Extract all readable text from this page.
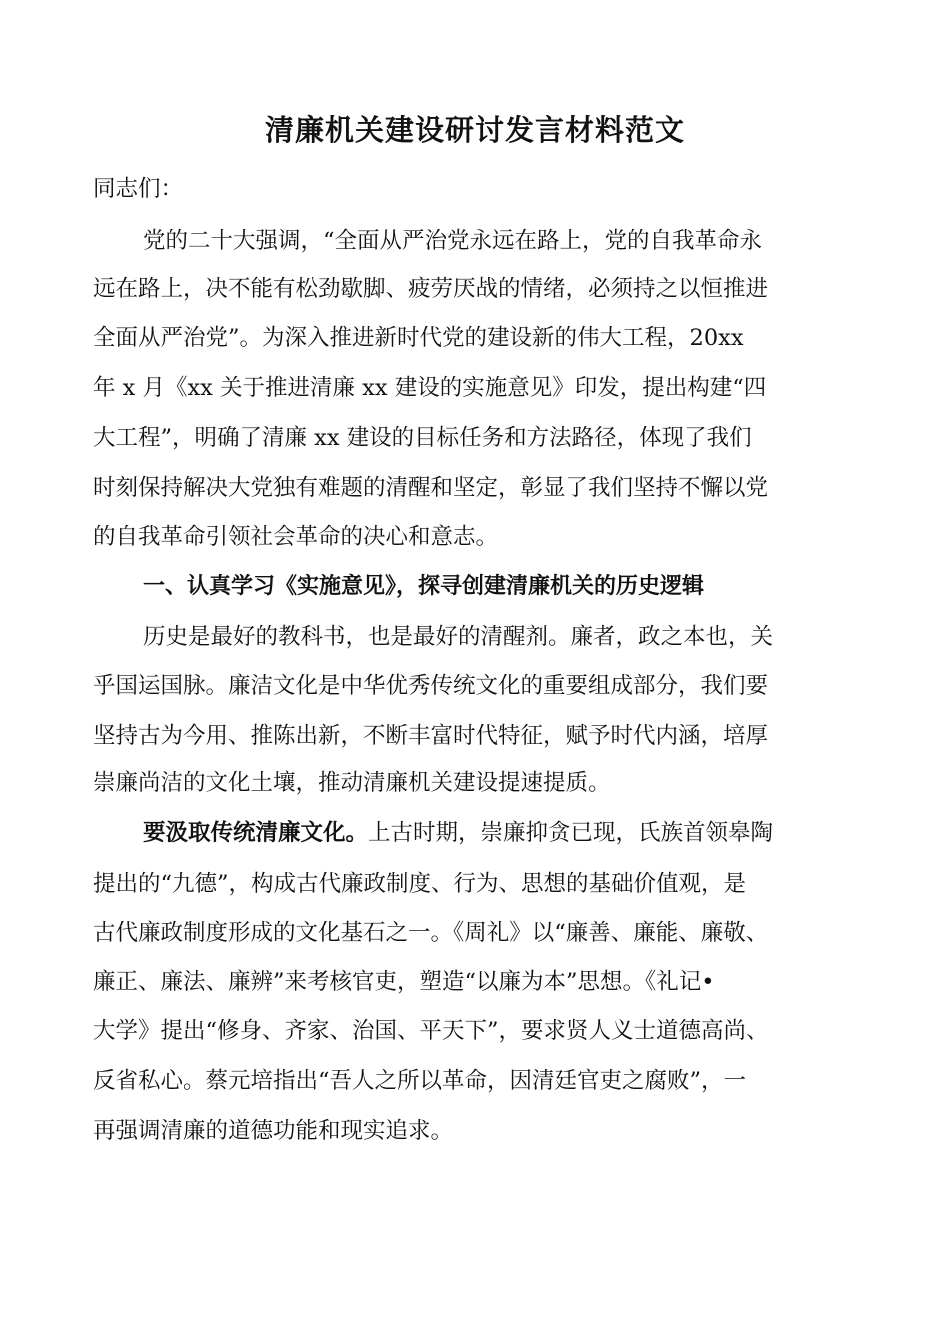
清廉机关建设研讨发言材料范文

同志们：

党的二十大强调，“全面从严治党永远在路上，党的自我革命永

远在路上，决不能有松劲歇脚、疲劳厌战的情绪，必须持之以恒推进

全面从严治党”。为深入推进新时代党的建设新的伟大工程，20xx

年 x 月《xx 关于推进清廉 xx 建设的实施意见》印发，提出构建“四

大工程”，明确了清廉 xx 建设的目标任务和方法路径，体现了我们

时刻保持解决大党独有难题的清醒和坚定，彰显了我们坚持不懈以党

的自我革命引领社会革命的决心和意志。

一、认真学习《实施意见》，探寻创建清廉机关的历史逻辑

历史是最好的教科书，也是最好的清醒剂。廉者，政之本也，关

乎国运国脉。廉洁文化是中华优秀传统文化的重要组成部分，我们要

坚持古为今用、推陈出新，不断丰富时代特征，赋予时代内涵，培厚

崇廉尚洁的文化土壤，推动清廉机关建设提速提质。

要汲取传统清廉文化。上古时期，崇廉抑贪已现，氏族首领皋陶

提出的“九德”，构成古代廉政制度、行为、思想的基础价值观，是

古代廉政制度形成的文化基石之一。《周礼》以“廉善、廉能、廉敬、

廉正、廉法、廉辨”来考核官吏，塑造“以廉为本”思想。《礼记•

大学》提出“修身、齐家、治国、平天下”，要求贤人义士道德高尚、

反省私心。蔡元培指出“吾人之所以革命，因清廷官吏之腐败”，一

再强调清廉的道德功能和现实追求。
